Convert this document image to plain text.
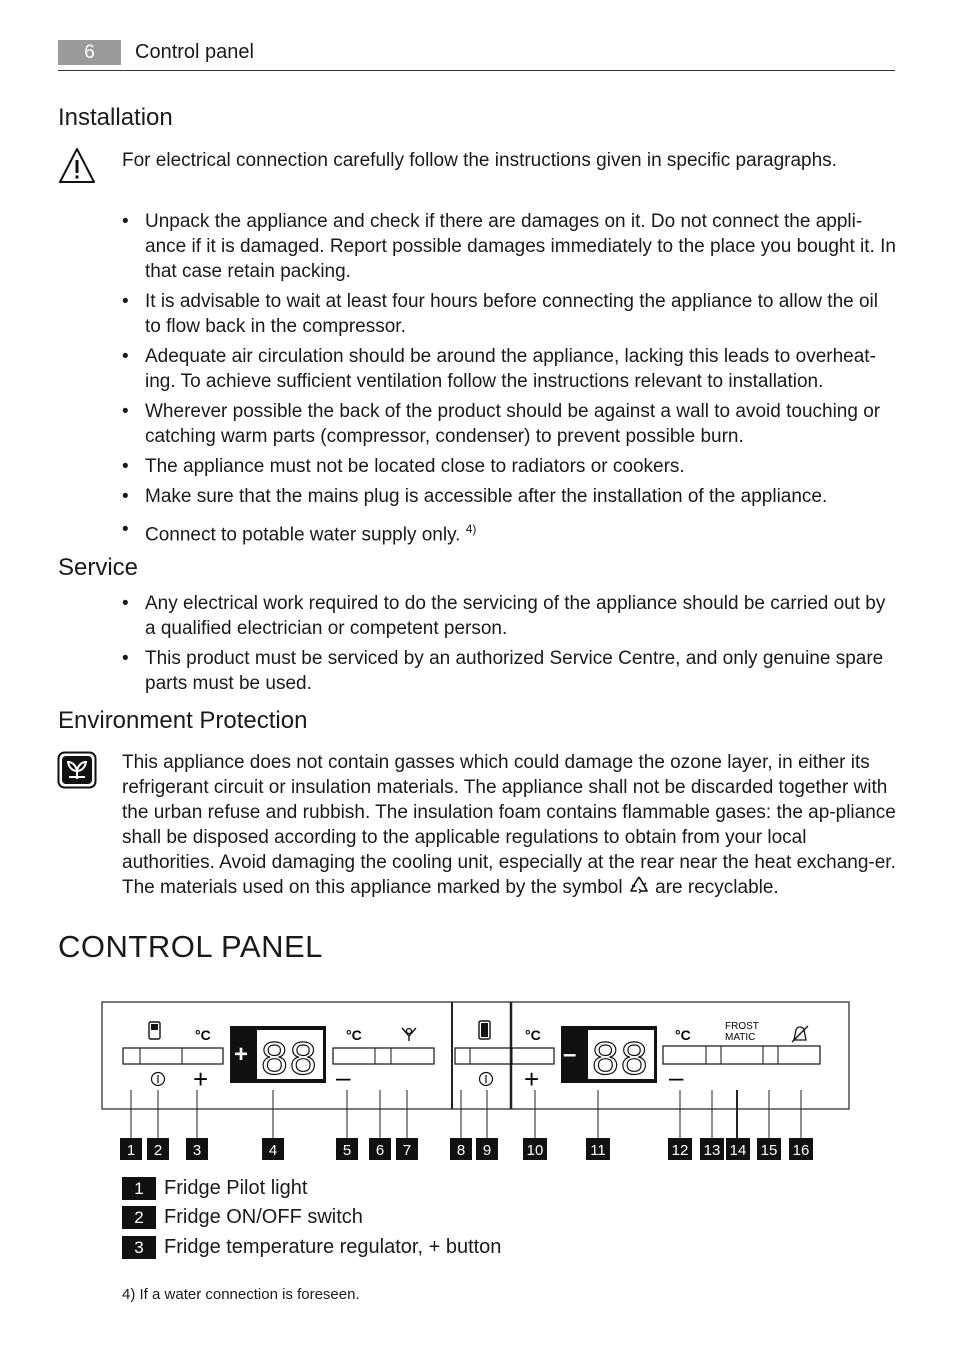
6	Control panel
Installation
For electrical connection carefully follow the instructions given in specific paragraphs.
• Unpack the appliance and check if there are damages on it. Do not connect the appli-ance if it is damaged. Report possible damages immediately to the place you bought it. In that case retain packing.
• It is advisable to wait at least four hours before connecting the appliance to allow the oil to flow back in the compressor.
• Adequate air circulation should be around the appliance, lacking this leads to overheat-ing. To achieve sufficient ventilation follow the instructions relevant to installation.
• Wherever possible the back of the product should be against a wall to avoid touching or catching warm parts (compressor, condenser) to prevent possible burn.
• The appliance must not be located close to radiators or cookers.
• Make sure that the mains plug is accessible after the installation of the appliance.
• Connect to potable water supply only. $^{4)}$
Service
• Any electrical work required to do the servicing of the appliance should be carried out by a qualified electrician or competent person.
• This product must be serviced by an authorized Service Centre, and only genuine spare parts must be used.
Environment Protection
This appliance does not contain gasses which could damage the ozone layer, in either its refrigerant circuit or insulation materials. The appliance shall not be discarded together with the urban refuse and rubbish. The insulation foam contains flammable gases: the ap-pliance shall be disposed according to the applicable regulations to obtain from your local authorities. Avoid damaging the cooling unit, especially at the rear near the heat exchang-er. The materials used on this appliance marked by the symbol are recyclable.
CONTROL PANEL
°C
+
+ 88 °C
–
°C
+
– 88 °C
FROST
MATIC
–
1 2 3	4	5 6 7	8 9 10	11	12 13 14 15 16
1	Fridge Pilot light
2	Fridge ON/OFF switch
3	Fridge temperature regulator, + button
4) If a water connection is foreseen.
